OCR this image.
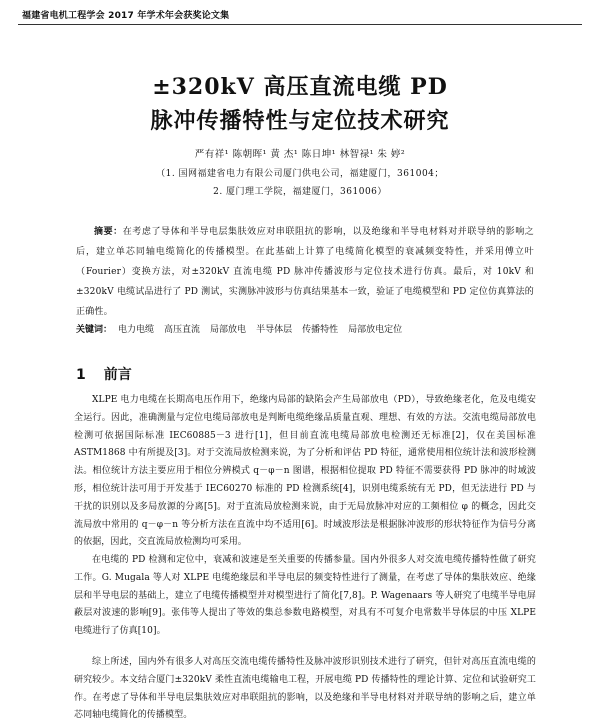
福建省电机工程学会 2017 年学术年会获奖论文集
±320kV 高压直流电缆 PD
脉冲传播特性与定位技术研究
严有祥¹ 陈朝晖¹ 黄 杰¹ 陈日坤¹ 林智禄¹ 朱 婷²
（1. 国网福建省电力有限公司厦门供电公司，福建厦门，361004；
2. 厦门理工学院，福建厦门，361006）

摘要：在考虑了导体和半导电层集肤效应对串联阻抗的影响，以及绝缘和半导电材料对并联导纳的影响之后，建立单芯同轴电缆简化的传播模型。在此基础上计算了电缆简化模型的衰减频变特性，并采用傅立叶（Fourier）变换方法，对±320kV 直流电缆 PD 脉冲传播波形与定位技术进行仿真。最后，对 10kV 和±320kV 电缆试品进行了 PD 测试，实测脉冲波形与仿真结果基本一致，验证了电缆模型和 PD 定位仿真算法的正确性。

关键词： 电力电缆 高压直流 局部放电 半导体层 传播特性 局部放电定位

1 前言

XLPE 电力电缆在长期高电压作用下，绝缘内局部的缺陷会产生局部放电（PD），导致绝缘老化，危及电缆安全运行。因此，准确测量与定位电缆局部放电是判断电缆绝缘品质量直观、理想、有效的方法。交流电缆局部放电检测可依据国际标准 IEC60885－3 进行[1]，但目前直流电缆局部放电检测还无标准[2]，仅在美国标准 ASTM1868 中有所提及[3]。对于交流局放检测来说，为了分析和评估 PD 特征，通常使用相位统计法和波形检测法。相位统计方法主要应用于相位分辨模式 q－φ－n 图谱，根据相位提取 PD 特征不需要获得 PD 脉冲的时域波形，相位统计法可用于开发基于 IEC60270 标准的 PD 检测系统[4]，识别电缆系统有无 PD，但无法进行 PD 与干扰的识别以及多局放源的分离[5]。对于直流局放检测来说，由于无局放脉冲对应的工频相位 φ 的概念，因此交流局放中常用的 q－φ－n 等分析方法在直流中均不适用[6]。时域波形法是根据脉冲波形的形状特征作为信号分离的依据，因此，交直流局放检测均可采用。

在电缆的 PD 检测和定位中，衰减和波速是至关重要的传播参量。国内外很多人对交流电缆传播特性做了研究工作。G. Mugala 等人对 XLPE 电缆绝缘层和半导电层的频变特性进行了测量，在考虑了导体的集肤效应、绝缘层和半导电层的基础上，建立了电缆传播模型并对模型进行了简化[7,8]。P. Wagenaars 等人研究了电缆半导电屏蔽层对波速的影响[9]。张伟等人提出了等效的集总参数电路模型，对具有不可复介电常数半导体层的中压 XLPE 电缆进行了仿真[10]。

综上所述，国内外有很多人对高压交流电缆传播特性及脉冲波形识别技术进行了研究，但针对高压直流电缆的研究较少。本文结合厦门±320kV 柔性直流电缆输电工程，开展电缆 PD 传播特性的理论计算、定位和试验研究工作。在考虑了导体和半导电层集肤效应对串联阻抗的影响，以及绝缘和半导电材料对并联导纳的影响之后，建立单芯同轴电缆简化的传播模型。
